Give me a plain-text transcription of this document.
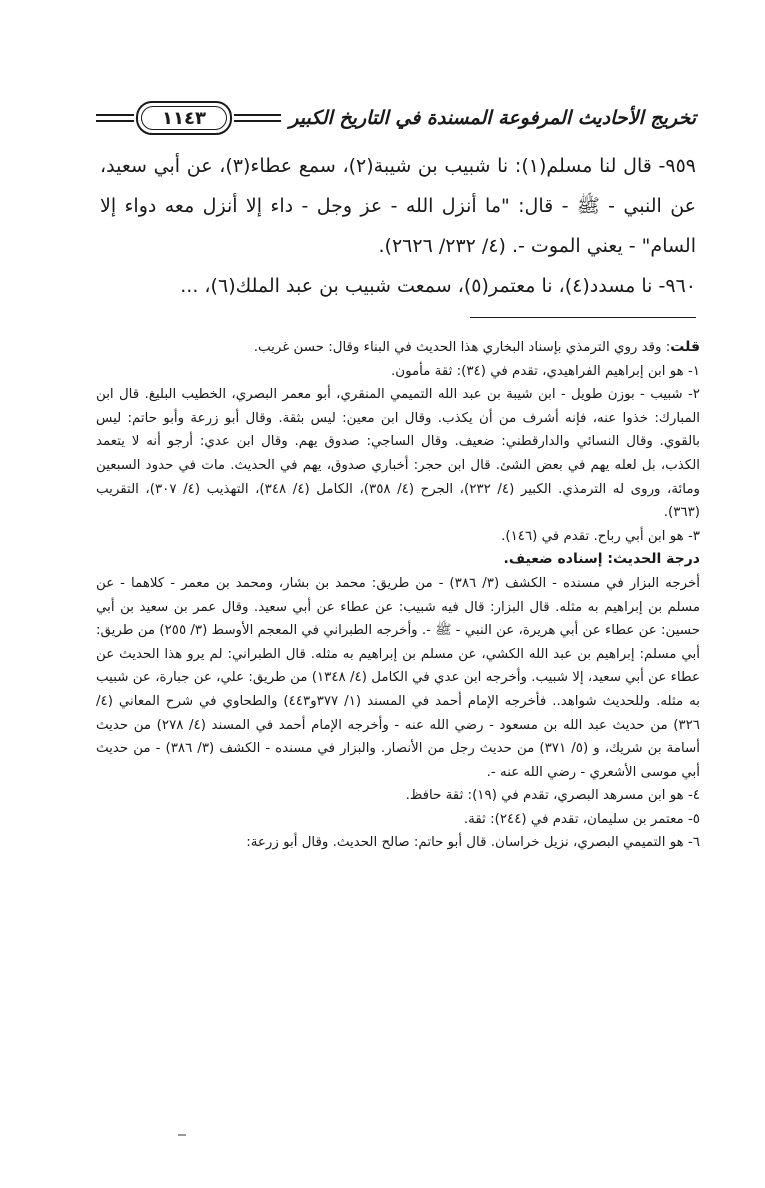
تخريج الأحاديث المرفوعة المسندة في التاريخ الكبير
١١٤٣

٩٥٩- قال لنا مسلم(١): نا شبيب بن شيبة(٢)، سمع عطاء(٣)، عن أبي سعيد، عن النبي - ﷺ - قال: "ما أنزل الله - عز وجل - داء إلا أنزل معه دواء إلا السام" - يعني الموت -. (٤/ ٢٣٢/ ٢٦٢٦).

٩٦٠- نا مسدد(٤)، نا معتمر(٥)، سمعت شبيب بن عبد الملك(٦)، ...

قلت: وقد روي الترمذي بإسناد البخاري هذا الحديث في البناء وقال: حسن غريب.

١- هو ابن إبراهيم الفراهيدي، تقدم في (٣٤): ثقة مأمون.

٢- شبيب - بوزن طويل - ابن شيبة بن عبد الله التميمي المنقري، أبو معمر البصري، الخطيب البليغ. قال ابن المبارك: خذوا عنه، فإنه أشرف من أن يكذب. وقال ابن معين: ليس بثقة. وقال أبو زرعة وأبو حاتم: ليس بالقوي. وقال النسائي والدارقطني: ضعيف. وقال الساجي: صدوق يهم. وقال ابن عدي: أرجو أنه لا يتعمد الكذب، بل لعله يهم في بعض الشئ. قال ابن حجر: أخباري صدوق، يهم في الحديث. مات في حدود السبعين ومائة، وروى له الترمذي. الكبير (٤/ ٢٣٢)، الجرح (٤/ ٣٥٨)، الكامل (٤/ ٣٤٨)، التهذيب (٤/ ٣٠٧)، التقريب (٣٦٣).

٣- هو ابن أبي رباح. تقدم في (١٤٦).

درجة الحديث: إسناده ضعيف.

أخرجه البزار في مسنده - الكشف (٣/ ٣٨٦) - من طريق: محمد بن بشار، ومحمد بن معمر - كلاهما - عن مسلم بن إبراهيم به مثله. قال البزار: قال فيه شبيب: عن عطاء عن أبي سعيد. وقال عمر بن سعيد بن أبي حسين: عن عطاء عن أبي هريرة، عن النبي - ﷺ -. وأخرجه الطبراني في المعجم الأوسط (٣/ ٢٥٥) من طريق: أبي مسلم: إبراهيم بن عبد الله الكشي، عن مسلم بن إبراهيم به مثله. قال الطبراني: لم يرو هذا الحديث عن عطاء عن أبي سعيد، إلا شبيب. وأخرجه ابن عدي في الكامل (٤/ ١٣٤٨) من طريق: علي، عن جبارة، عن شبيب به مثله. وللحديث شواهد.. فأخرجه الإمام أحمد في المسند (١/ ٣٧٧و٤٤٣) والطحاوي في شرح المعاني (٤/ ٣٢٦) من حديث عبد الله بن مسعود - رضي الله عنه - وأخرجه الإمام أحمد في المسند (٤/ ٢٧٨) من حديث أسامة بن شريك، و (٥/ ٣٧١) من حديث رجل من الأنصار. والبزار في مسنده - الكشف (٣/ ٣٨٦) - من حديث أبي موسى الأشعري - رضي الله عنه -.

٤- هو ابن مسرهد البصري، تقدم في (١٩): ثقة حافظ.

٥- معتمر بن سليمان، تقدم في (٢٤٤): ثقة.

٦- هو التميمي البصري، نزيل خراسان. قال أبو حاتم: صالح الحديث. وقال أبو زرعة:
